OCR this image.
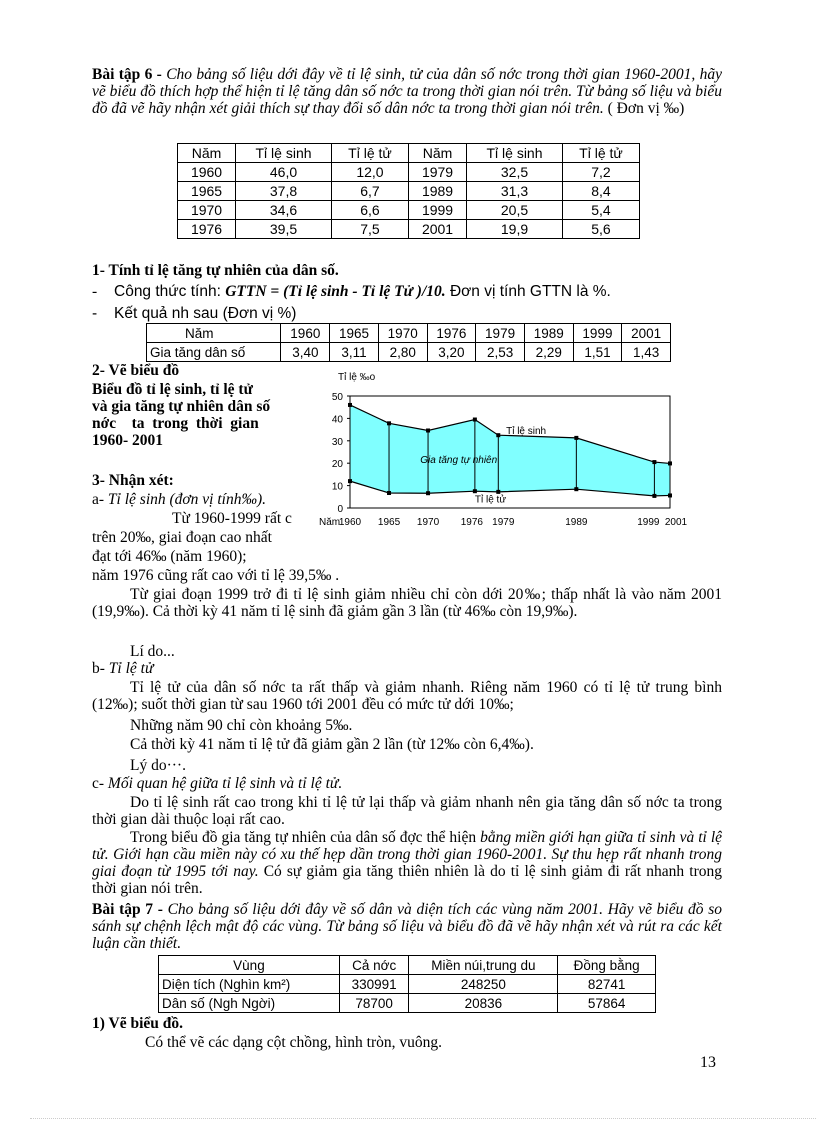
Bài tập 6 - Cho bảng số liệu dới đây về tỉ lệ sinh, tử của dân số nớc trong thời gian 1960-2001, hãy vẽ biểu đồ thích hợp thể hiện tỉ lệ tăng dân số nớc ta trong thời gian nói trên. Từ bảng số liệu và biểu đồ đã vẽ hãy nhận xét giải thích sự thay đổi số dân nớc ta trong thời gian nói trên. ( Đơn vị ‰)
Năm	Tỉ lệ sinh	Tỉ lệ tử	Năm	Tỉ lệ sinh	Tỉ lệ tử
1960	46,0	12,0	1979	32,5	7,2
1965	37,8	6,7	1989	31,3	8,4
1970	34,6	6,6	1999	20,5	5,4
1976	39,5	7,5	2001	19,9	5,6
1- Tính tỉ lệ tăng tự nhiên của dân số.
- Công thức tính: GTTN = (Tỉ lệ sinh - Tỉ lệ Tử )/10. Đơn vị tính GTTN là %.
- Kết quả nh sau (Đơn vị %)
Năm	1960	1965	1970	1976	1979	1989	1999	2001
Gia tăng dân số	3,40	3,11	2,80	3,20	2,53	2,29	1,51	1,43
2- Vẽ biểu đồ
Biểu đồ tỉ lệ sinh, tỉ lệ tử
và gia tăng tự nhiên dân số
nớc    ta  trong  thời  gian
1960- 2001
0
10
20
30
40
50
Năm
1960 1965 1970 1976 1979	1989	1999 2001
Tỉ lệ ‰o
Tỉ lệ sinh
Tỉ lệ tử
Gia tăng tự nhiên
3- Nhận xét:
a- Tỉ lệ sinh (đơn vị tính‰).
Từ 1960-1999 rất c
trên 20‰, giai đoạn cao nhất
đạt tới 46‰ (năm 1960);
năm 1976 cũng rất cao với tỉ lệ 39,5‰ .
Từ giai đoạn 1999 trở đi tỉ lệ sinh giảm nhiều chỉ còn dới 20‰; thấp nhất là vào năm 2001 (19,9‰). Cả thời kỳ 41 năm tỉ lệ sinh đã giảm gần 3 lần (từ 46‰ còn 19,9‰).
Lí do...
b- Tỉ lệ tử
Tỉ lệ tử của dân số nớc ta rất thấp và giảm nhanh. Riêng năm 1960 có tỉ lệ tử trung bình (12‰); suốt thời gian từ sau 1960 tới 2001 đều có mức tử dới 10‰;
Những năm 90 chỉ còn khoảng 5‰.
Cả thời kỳ 41 năm tỉ lệ tử đã giảm gần 2 lần (từ 12‰ còn 6,4‰).
Lý do···.
c- Mối quan hệ giữa tỉ lệ sinh và tỉ lệ tử.
Do tỉ lệ sinh rất cao trong khi tỉ lệ tử lại thấp và giảm nhanh nên gia tăng dân số nớc ta trong thời gian dài thuộc loại rất cao.
Trong biểu đồ gia tăng tự nhiên của dân số đợc thể hiện bằng miền giới hạn giữa tỉ sinh và tỉ lệ tử. Giới hạn cầu miền này có xu thế hẹp dần trong thời gian 1960-2001. Sự thu hẹp rất nhanh trong giai đoạn từ 1995 tới nay. Có sự giảm gia tăng thiên nhiên là do tỉ lệ sinh giảm đi rất nhanh trong thời gian nói trên.
Bài tập 7 - Cho bảng số liệu dới đây về số dân và diện tích các vùng năm 2001. Hãy vẽ biểu đồ so sánh sự chệnh lệch mật độ các vùng. Từ bảng số liệu và biểu đồ đã vẽ hãy nhận xét và rút ra các kết luận cần thiết.
Vùng	Cả nớc	Miền núi,trung du	Đồng bằng
Diện tích (Nghìn km²)	330991	248250	82741
Dân số (Ngh Ngời)	78700	20836	57864
1) Vẽ biểu đồ.
Có thể vẽ các dạng cột chồng, hình tròn, vuông.
13
